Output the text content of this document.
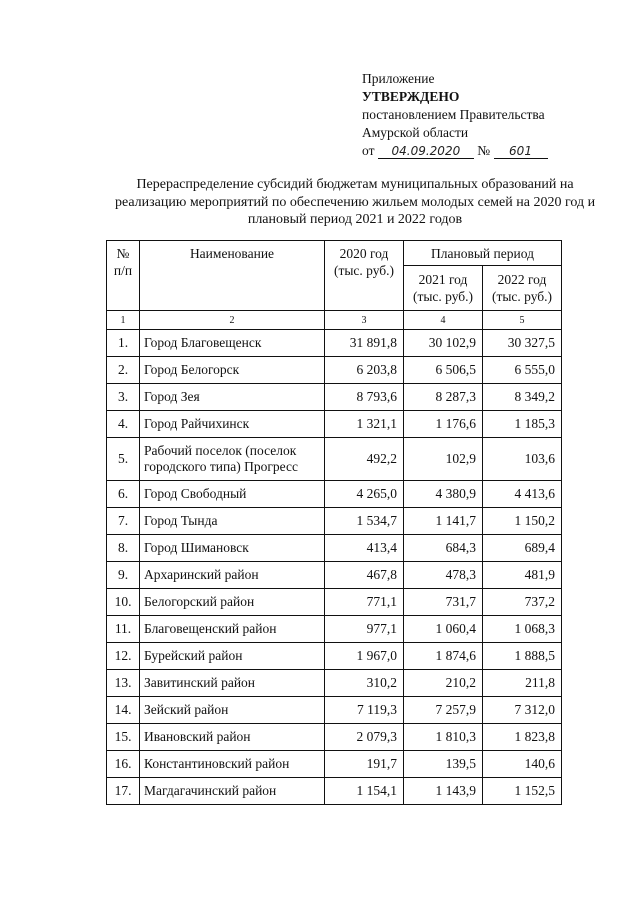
Приложение
УТВЕРЖДЕНО
постановлением Правительства
Амурской области
от 04.09.2020 № 601
Перераспределение субсидий бюджетам муниципальных образований на реализацию мероприятий по обеспечению жильем молодых семей на 2020 год и плановый период 2021 и 2022 годов
№ п/п	Наименование	2020 год (тыс. руб.)	Плановый период	
			2021 год (тыс. руб.)	2022 год (тыс. руб.)
1	2	3	4	5
1.	Город Благовещенск	31 891,8	30 102,9	30 327,5
2.	Город Белогорск	6 203,8	6 506,5	6 555,0
3.	Город Зея	8 793,6	8 287,3	8 349,2
4.	Город Райчихинск	1 321,1	1 176,6	1 185,3
5.	Рабочий поселок (поселок городского типа) Прогресс	492,2	102,9	103,6
6.	Город Свободный	4 265,0	4 380,9	4 413,6
7.	Город Тында	1 534,7	1 141,7	1 150,2
8.	Город Шимановск	413,4	684,3	689,4
9.	Архаринский район	467,8	478,3	481,9
10.	Белогорский район	771,1	731,7	737,2
11.	Благовещенский район	977,1	1 060,4	1 068,3
12.	Бурейский район	1 967,0	1 874,6	1 888,5
13.	Завитинский район	310,2	210,2	211,8
14.	Зейский район	7 119,3	7 257,9	7 312,0
15.	Ивановский район	2 079,3	1 810,3	1 823,8
16.	Константиновский район	191,7	139,5	140,6
17.	Магдагачинский район	1 154,1	1 143,9	1 152,5
